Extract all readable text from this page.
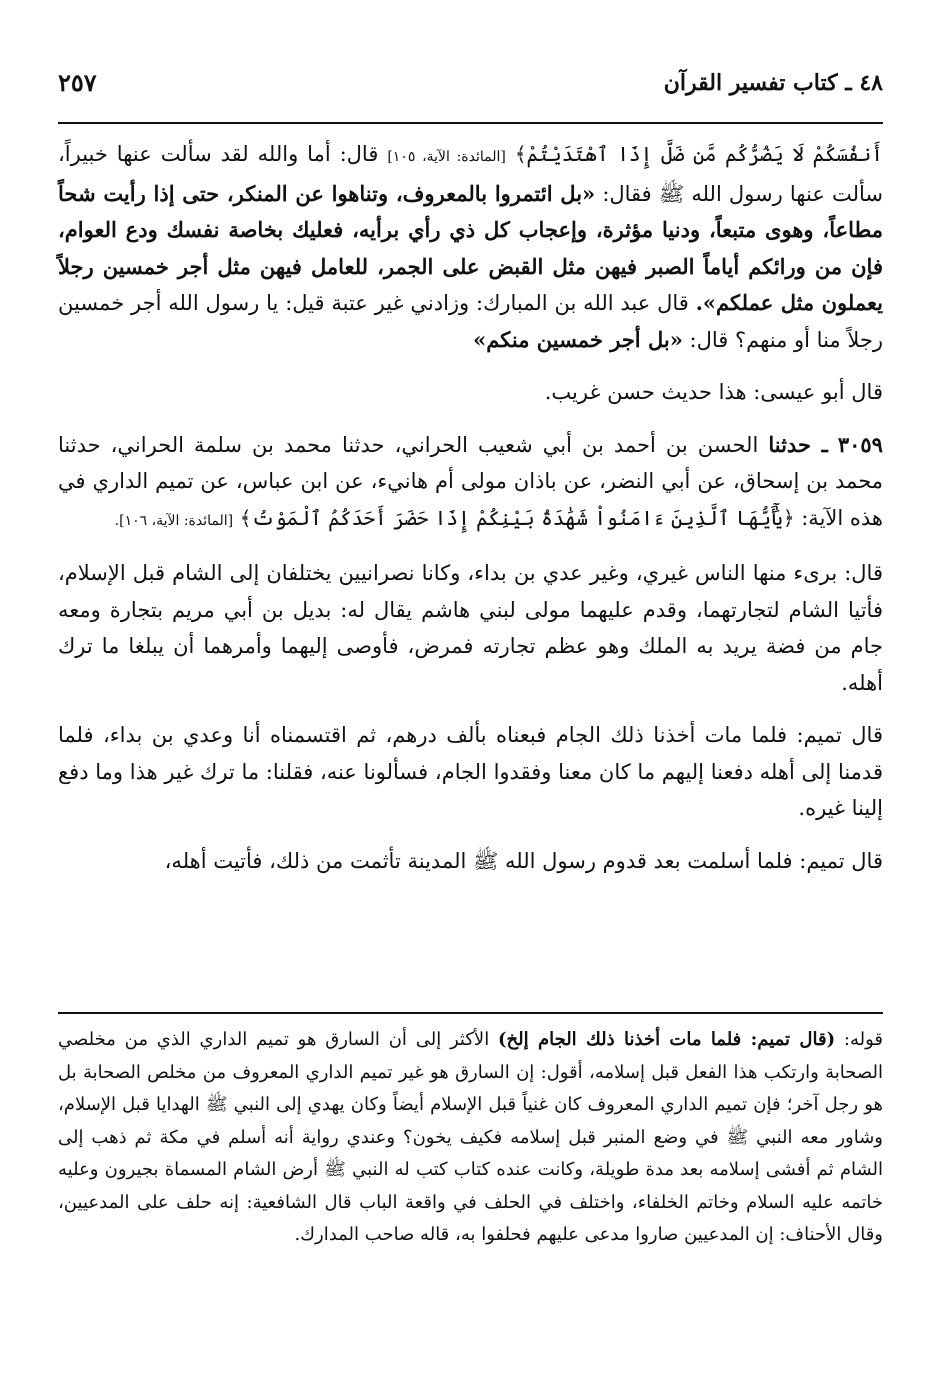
٤٨ ـ كتاب تفسير القرآن
٢٥٧

أَنفُسَكُمْ لَا يَضُرُّكُم مَّن ضَلَّ إِذَا ٱهْتَدَيْتُمْ﴾ [المائدة: الآية، ١٠٥] قال: أما والله لقد سألت عنها خبيراً، سألت عنها رسول الله ﷺ فقال: «بل ائتمروا بالمعروف، وتناهوا عن المنكر، حتى إذا رأيت شحاً مطاعاً، وهوى متبعاً، ودنيا مؤثرة، وإعجاب كل ذي رأي برأيه، فعليك بخاصة نفسك ودع العوام، فإن من ورائكم أياماً الصبر فيهن مثل القبض على الجمر، للعامل فيهن مثل أجر خمسين رجلاً يعملون مثل عملكم». قال عبد الله بن المبارك: وزادني غير عتبة قيل: يا رسول الله أجر خمسين رجلاً منا أو منهم؟ قال: «بل أجر خمسين منكم»

قال أبو عيسى: هذا حديث حسن غريب.

٣٠٥٩ ـ حدثنا الحسن بن أحمد بن أبي شعيب الحراني، حدثنا محمد بن سلمة الحراني، حدثنا محمد بن إسحاق، عن أبي النضر، عن باذان مولى أم هانيء، عن ابن عباس، عن تميم الداري في هذه الآية: ﴿يَٰٓأَيُّهَا ٱلَّذِينَ ءَامَنُواْ شَهَٰدَةُ بَيْنِكُمْ إِذَا حَضَرَ أَحَدَكُمُ ٱلْمَوْتُ﴾ [المائدة: الآية، ١٠٦].

قال: برىء منها الناس غيري، وغير عدي بن بداء، وكانا نصرانيين يختلفان إلى الشام قبل الإسلام، فأتيا الشام لتجارتهما، وقدم عليهما مولى لبني هاشم يقال له: بديل بن أبي مريم بتجارة ومعه جام من فضة يريد به الملك وهو عظم تجارته فمرض، فأوصى إليهما وأمرهما أن يبلغا ما ترك أهله.

قال تميم: فلما مات أخذنا ذلك الجام فبعناه بألف درهم، ثم اقتسمناه أنا وعدي بن بداء، فلما قدمنا إلى أهله دفعنا إليهم ما كان معنا وفقدوا الجام، فسألونا عنه، فقلنا: ما ترك غير هذا وما دفع إلينا غيره.

قال تميم: فلما أسلمت بعد قدوم رسول الله ﷺ المدينة تأثمت من ذلك، فأتيت أهله،

قوله: (قال تميم: فلما مات أخذنا ذلك الجام إلخ) الأكثر إلى أن السارق هو تميم الداري الذي من مخلصي الصحابة وارتكب هذا الفعل قبل إسلامه، أقول: إن السارق هو غير تميم الداري المعروف من مخلص الصحابة بل هو رجل آخر؛ فإن تميم الداري المعروف كان غنياً قبل الإسلام أيضاً وكان يهدي إلى النبي ﷺ الهدايا قبل الإسلام، وشاور معه النبي ﷺ في وضع المنبر قبل إسلامه فكيف يخون؟ وعندي رواية أنه أسلم في مكة ثم ذهب إلى الشام ثم أفشى إسلامه بعد مدة طويلة، وكانت عنده كتاب كتب له النبي ﷺ أرض الشام المسماة بجيرون وعليه خاتمه عليه السلام وخاتم الخلفاء، واختلف في الحلف في واقعة الباب قال الشافعية: إنه حلف على المدعيين، وقال الأحناف: إن المدعيين صاروا مدعى عليهم فحلفوا به، قاله صاحب المدارك.
